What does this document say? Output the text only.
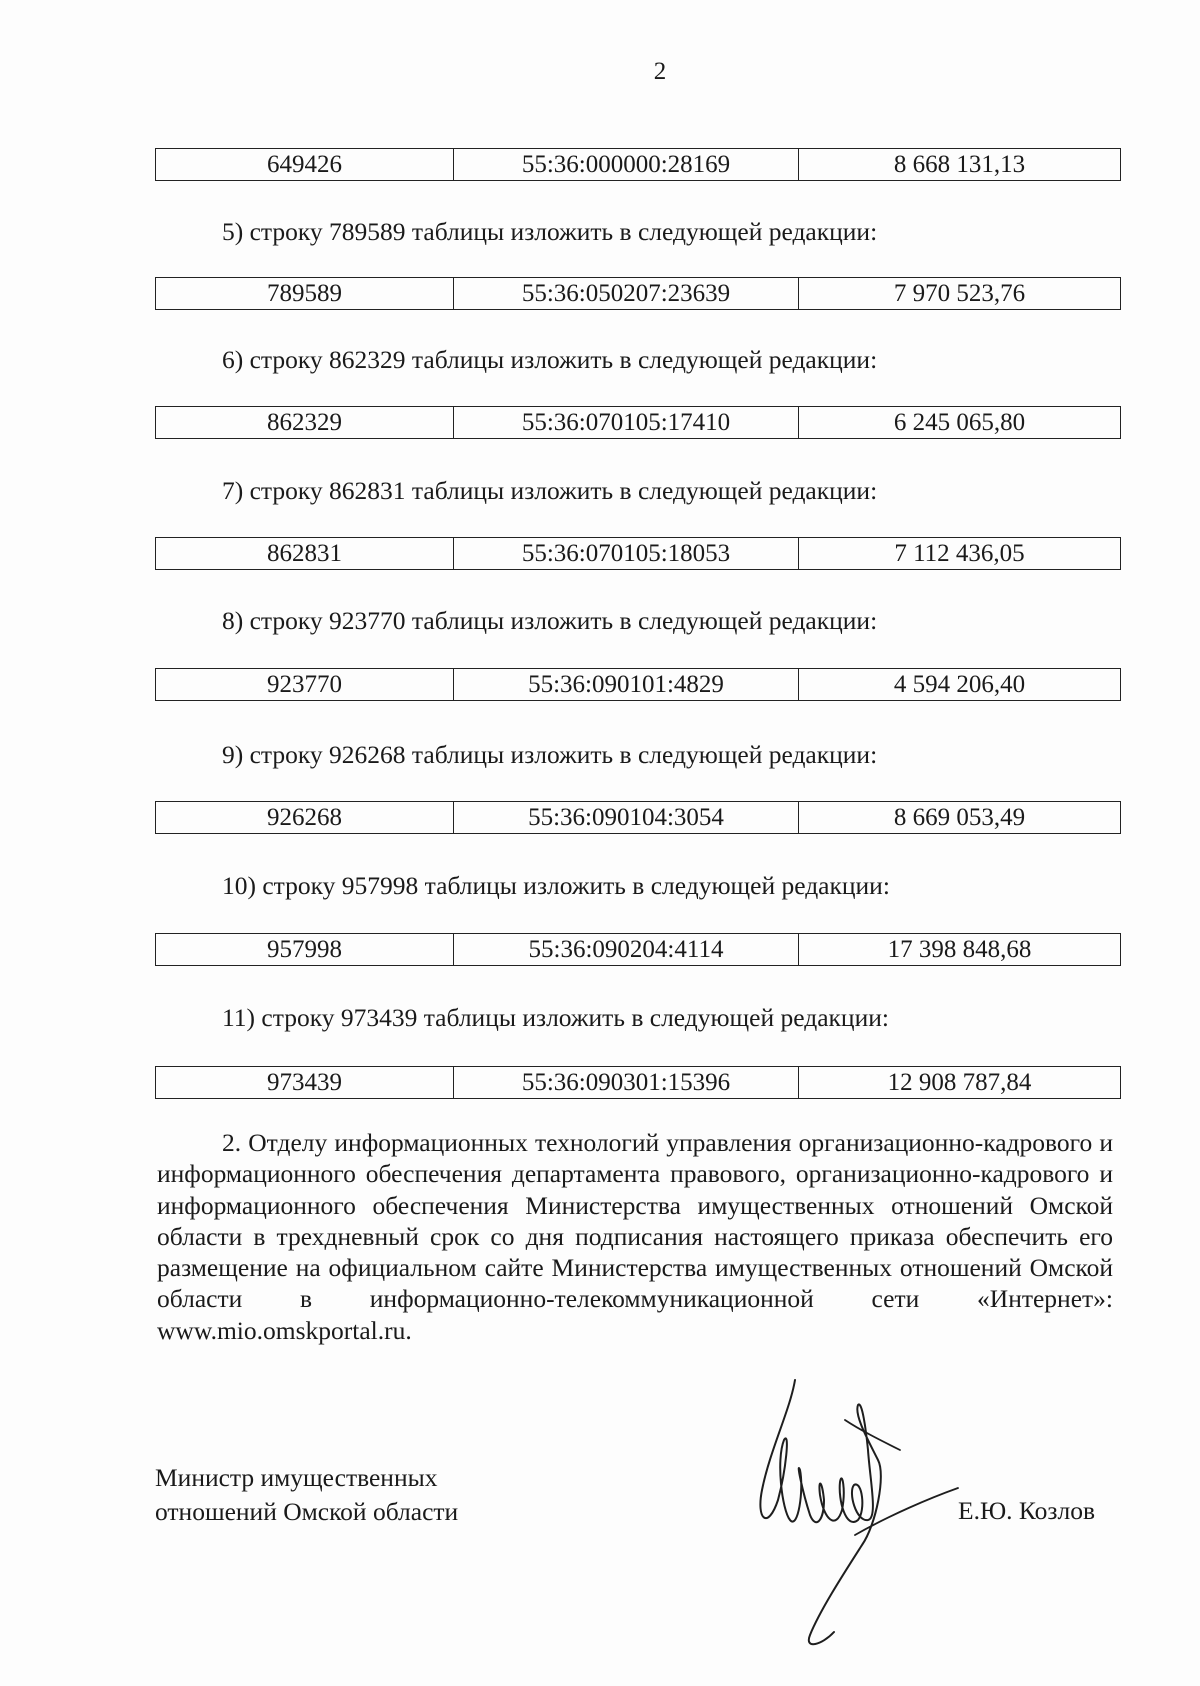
2
649426	55:36:000000:28169	8 668 131,13
5) строку 789589 таблицы изложить в следующей редакции:
789589	55:36:050207:23639	7 970 523,76
6) строку 862329 таблицы изложить в следующей редакции:
862329	55:36:070105:17410	6 245 065,80
7) строку 862831 таблицы изложить в следующей редакции:
862831	55:36:070105:18053	7 112 436,05
8) строку 923770 таблицы изложить в следующей редакции:
923770	55:36:090101:4829	4 594 206,40
9) строку 926268 таблицы изложить в следующей редакции:
926268	55:36:090104:3054	8 669 053,49
10) строку 957998 таблицы изложить в следующей редакции:
957998	55:36:090204:4114	17 398 848,68
11) строку 973439 таблицы изложить в следующей редакции:
973439	55:36:090301:15396	12 908 787,84
2. Отделу информационных технологий управления организационно-кадрового и информационного обеспечения департамента правового, организационно-кадрового и информационного обеспечения Министерства имущественных отношений Омской области в трехдневный срок со дня подписания настоящего приказа обеспечить его размещение на официальном сайте Министерства имущественных отношений Омской области в информационно-телекоммуникационной сети «Интернет»: www.mio.omskportal.ru.
Министр имущественных
отношений Омской области	Е.Ю. Козлов
